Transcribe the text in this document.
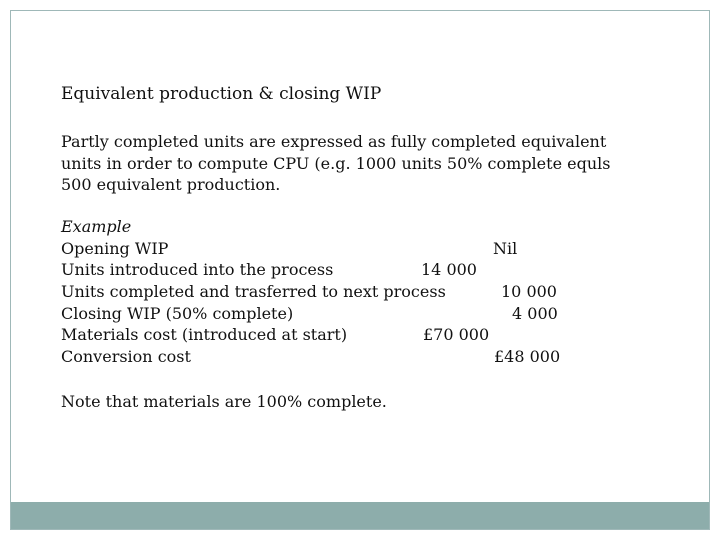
Equivalent production & closing WIP
Partly completed units are expressed as fully completed equivalent
units in order to compute CPU (e.g. 1000 units 50% complete equls
500 equivalent production.
Example
Opening WIP	Nil
Units introduced into the process	14 000
Units completed and trasferred to next process	10 000
Closing WIP (50% complete)	4 000
Materials cost (introduced at start)	£70 000
Conversion cost	£48 000
Note that materials are 100% complete.
